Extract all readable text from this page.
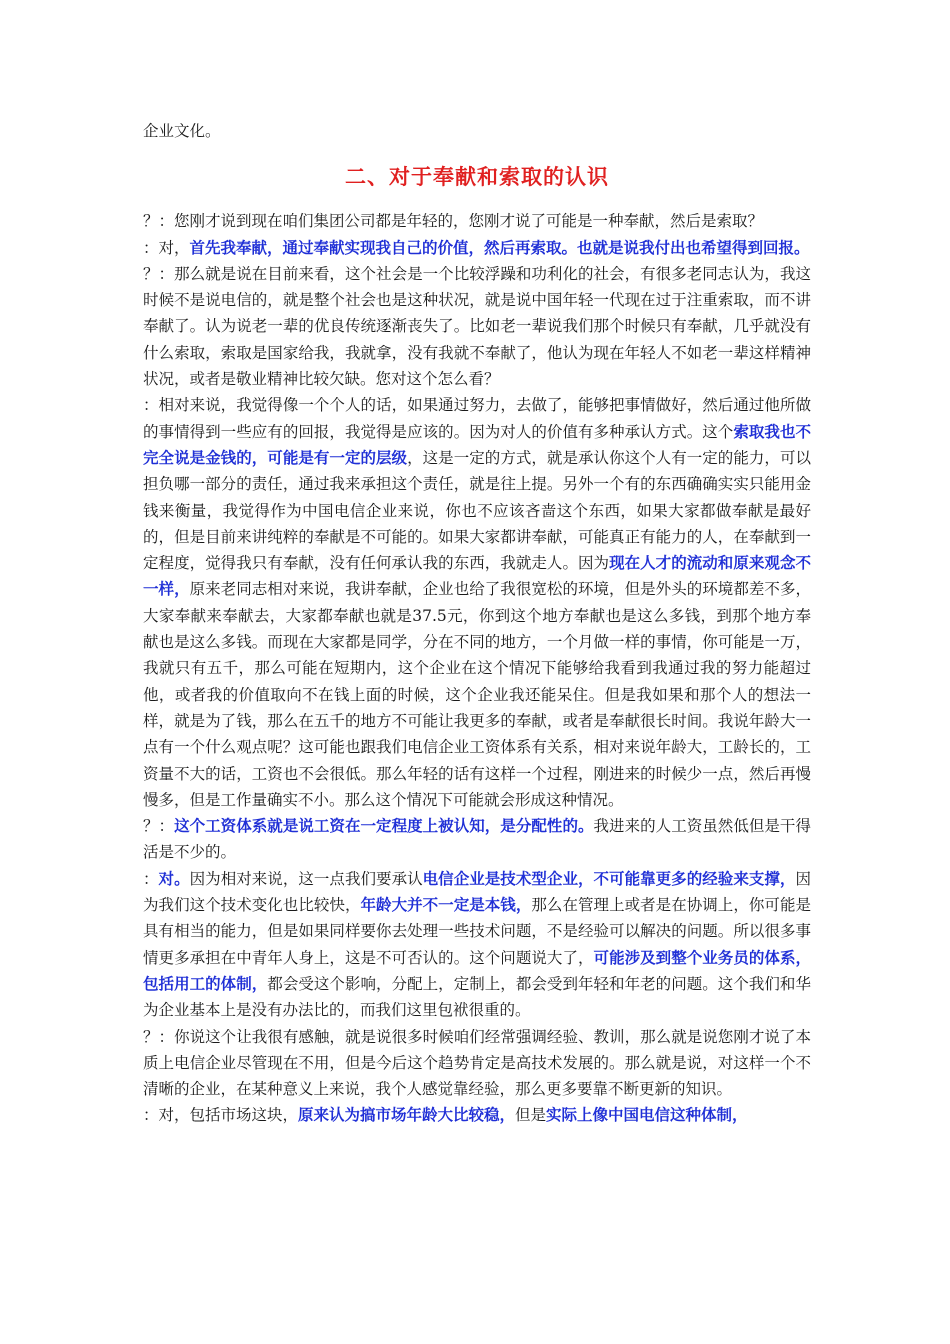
企业文化。

二、对于奉献和索取的认识

？：您刚才说到现在咱们集团公司都是年轻的，您刚才说了可能是一种奉献，然后是索取？

：对，首先我奉献，通过奉献实现我自己的价值，然后再索取。也就是说我付出也希望得到回报。

？：那么就是说在目前来看，这个社会是一个比较浮躁和功利化的社会，有很多老同志认为，我这时候不是说电信的，就是整个社会也是这种状况，就是说中国年轻一代现在过于注重索取，而不讲奉献了。认为说老一辈的优良传统逐渐丧失了。比如老一辈说我们那个时候只有奉献，几乎就没有什么索取，索取是国家给我，我就拿，没有我就不奉献了，他认为现在年轻人不如老一辈这样精神状况，或者是敬业精神比较欠缺。您对这个怎么看？

：相对来说，我觉得像一个个人的话，如果通过努力，去做了，能够把事情做好，然后通过他所做的事情得到一些应有的回报，我觉得是应该的。因为对人的价值有多种承认方式。这个索取我也不完全说是金钱的，可能是有一定的层级，这是一定的方式，就是承认你这个人有一定的能力，可以担负哪一部分的责任，通过我来承担这个责任，就是往上提。另外一个有的东西确确实实只能用金钱来衡量，我觉得作为中国电信企业来说，你也不应该吝啬这个东西，如果大家都做奉献是最好的，但是目前来讲纯粹的奉献是不可能的。如果大家都讲奉献，可能真正有能力的人，在奉献到一定程度，觉得我只有奉献，没有任何承认我的东西，我就走人。因为现在人才的流动和原来观念不一样，原来老同志相对来说，我讲奉献，企业也给了我很宽松的环境，但是外头的环境都差不多，大家奉献来奉献去，大家都奉献也就是37.5元，你到这个地方奉献也是这么多钱，到那个地方奉献也是这么多钱。而现在大家都是同学，分在不同的地方，一个月做一样的事情，你可能是一万，我就只有五千，那么可能在短期内，这个企业在这个情况下能够给我看到我通过我的努力能超过他，或者我的价值取向不在钱上面的时候，这个企业我还能呆住。但是我如果和那个人的想法一样，就是为了钱，那么在五千的地方不可能让我更多的奉献，或者是奉献很长时间。我说年龄大一点有一个什么观点呢？这可能也跟我们电信企业工资体系有关系，相对来说年龄大，工龄长的，工资量不大的话，工资也不会很低。那么年轻的话有这样一个过程，刚进来的时候少一点，然后再慢慢多，但是工作量确实不小。那么这个情况下可能就会形成这种情况。

？：这个工资体系就是说工资在一定程度上被认知，是分配性的。我进来的人工资虽然低但是干得活是不少的。

：对。因为相对来说，这一点我们要承认电信企业是技术型企业，不可能靠更多的经验来支撑，因为我们这个技术变化也比较快，年龄大并不一定是本钱，那么在管理上或者是在协调上，你可能是具有相当的能力，但是如果同样要你去处理一些技术问题，不是经验可以解决的问题。所以很多事情更多承担在中青年人身上，这是不可否认的。这个问题说大了，可能涉及到整个业务员的体系，包括用工的体制，都会受这个影响，分配上，定制上，都会受到年轻和年老的问题。这个我们和华为企业基本上是没有办法比的，而我们这里包袱很重的。

？：你说这个让我很有感触，就是说很多时候咱们经常强调经验、教训，那么就是说您刚才说了本质上电信企业尽管现在不用，但是今后这个趋势肯定是高技术发展的。那么就是说，对这样一个不清晰的企业，在某种意义上来说，我个人感觉靠经验，那么更多要靠不断更新的知识。

：对，包括市场这块，原来认为搞市场年龄大比较稳，但是实际上像中国电信这种体制，
